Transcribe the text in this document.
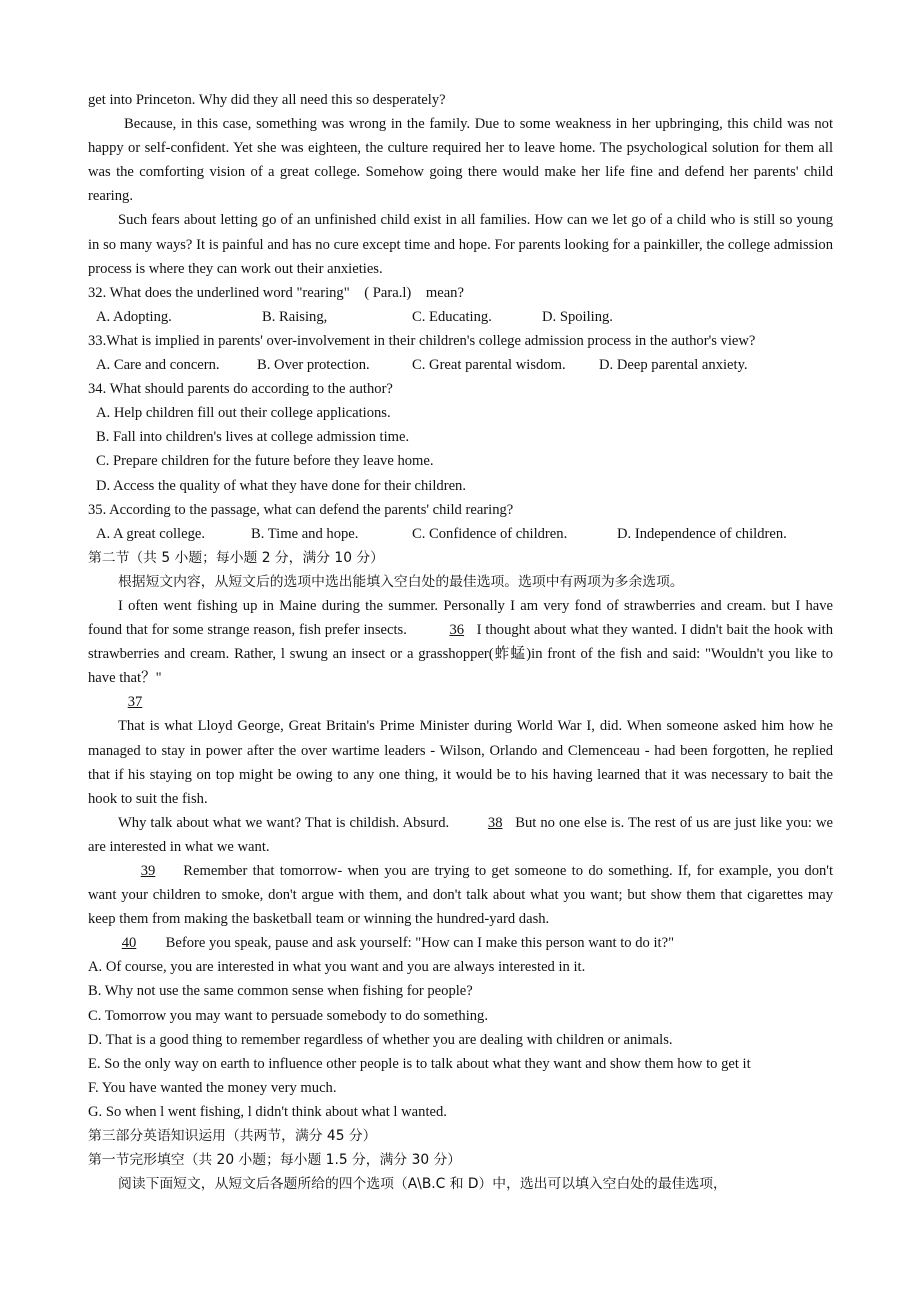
get into Princeton. Why did they all need this so desperately?

Because, in this case, something was wrong in the family. Due to some weakness in her upbringing, this child was not happy or self-confident. Yet she was eighteen, the culture required her to leave home. The psychological solution for them all was the comforting vision of a great college. Somehow going there would make her life fine and defend her parents' child rearing.

Such fears about letting go of an unfinished child exist in all families. How can we let go of a child who is still so young in so many ways? It is painful and has no cure except time and hope. For parents looking for a painkiller, the college admission process is where they can work out their anxieties.

32. What does the underlined word "rearing"    ( Para.l)    mean?

A. Adopting.	B. Raising,	C. Educating.	D. Spoiling.

33.What is implied in parents' over-involvement in their children's college admission process in the author's view?

A. Care and concern.	B. Over protection.	C. Great parental wisdom. D. Deep parental anxiety.

34. What should parents do according to the author?

A. Help children fill out their college applications.

B. Fall into children's lives at college admission time.

C. Prepare children for the future before they leave home.

D. Access the quality of what they have done for their children.

35. According to the passage, what can defend the parents' child rearing?

A. A great college.	B. Time and hope.	C. Confidence of children.	D. Independence of children.

第二节（共 5 小题；每小题 2 分，满分 10 分）

根据短文内容，从短文后的选项中选出能填入空白处的最佳选项。选项中有两项为多余选项。

I often went fishing up in Maine during the summer. Personally I am very fond of strawberries and cream. but I have found that for some strange reason, fish prefer insects.	36 I thought about what they wanted. I didn't bait the hook with strawberries and cream. Rather, l swung an insect or a grasshopper(蚱蜢)in front of the fish and said: "Wouldn't you like to have that？"

37

That is what Lloyd George, Great Britain's Prime Minister during World War I, did. When someone asked him how he managed to stay in power after the over wartime leaders - Wilson, Orlando and Clemenceau - had been forgotten, he replied that if his staying on top might be owing to any one thing, it would be to his having learned that it was necessary to bait the hook to suit the fish.

Why talk about what we want? That is childish. Absurd.	38 But no one else is. The rest of us are just like you: we are interested in what we want.

39 Remember that tomorrow- when you are trying to get someone to do something. If, for example, you don't want your children to smoke, don't argue with them, and don't talk about what you want; but show them that cigarettes may keep them from making the basketball team or winning the hundred-yard dash.

40 Before you speak, pause and ask yourself: "How can I make this person want to do it?"

A. Of course, you are interested in what you want and you are always interested in it.

B. Why not use the same common sense when fishing for people?

C. Tomorrow you may want to persuade somebody to do something.

D. That is a good thing to remember regardless of whether you are dealing with children or animals.

E. So the only way on earth to influence other people is to talk about what they want and show them how to get it

F. You have wanted the money very much.

G. So when l went fishing, l didn't think about what l wanted.

第三部分英语知识运用（共两节，满分 45 分）

第一节完形填空（共 20 小题；每小题 1.5 分，满分 30 分）

阅读下面短文，从短文后各题所给的四个选项（A\B.C 和 D）中，选出可以填入空白处的最佳选项，
